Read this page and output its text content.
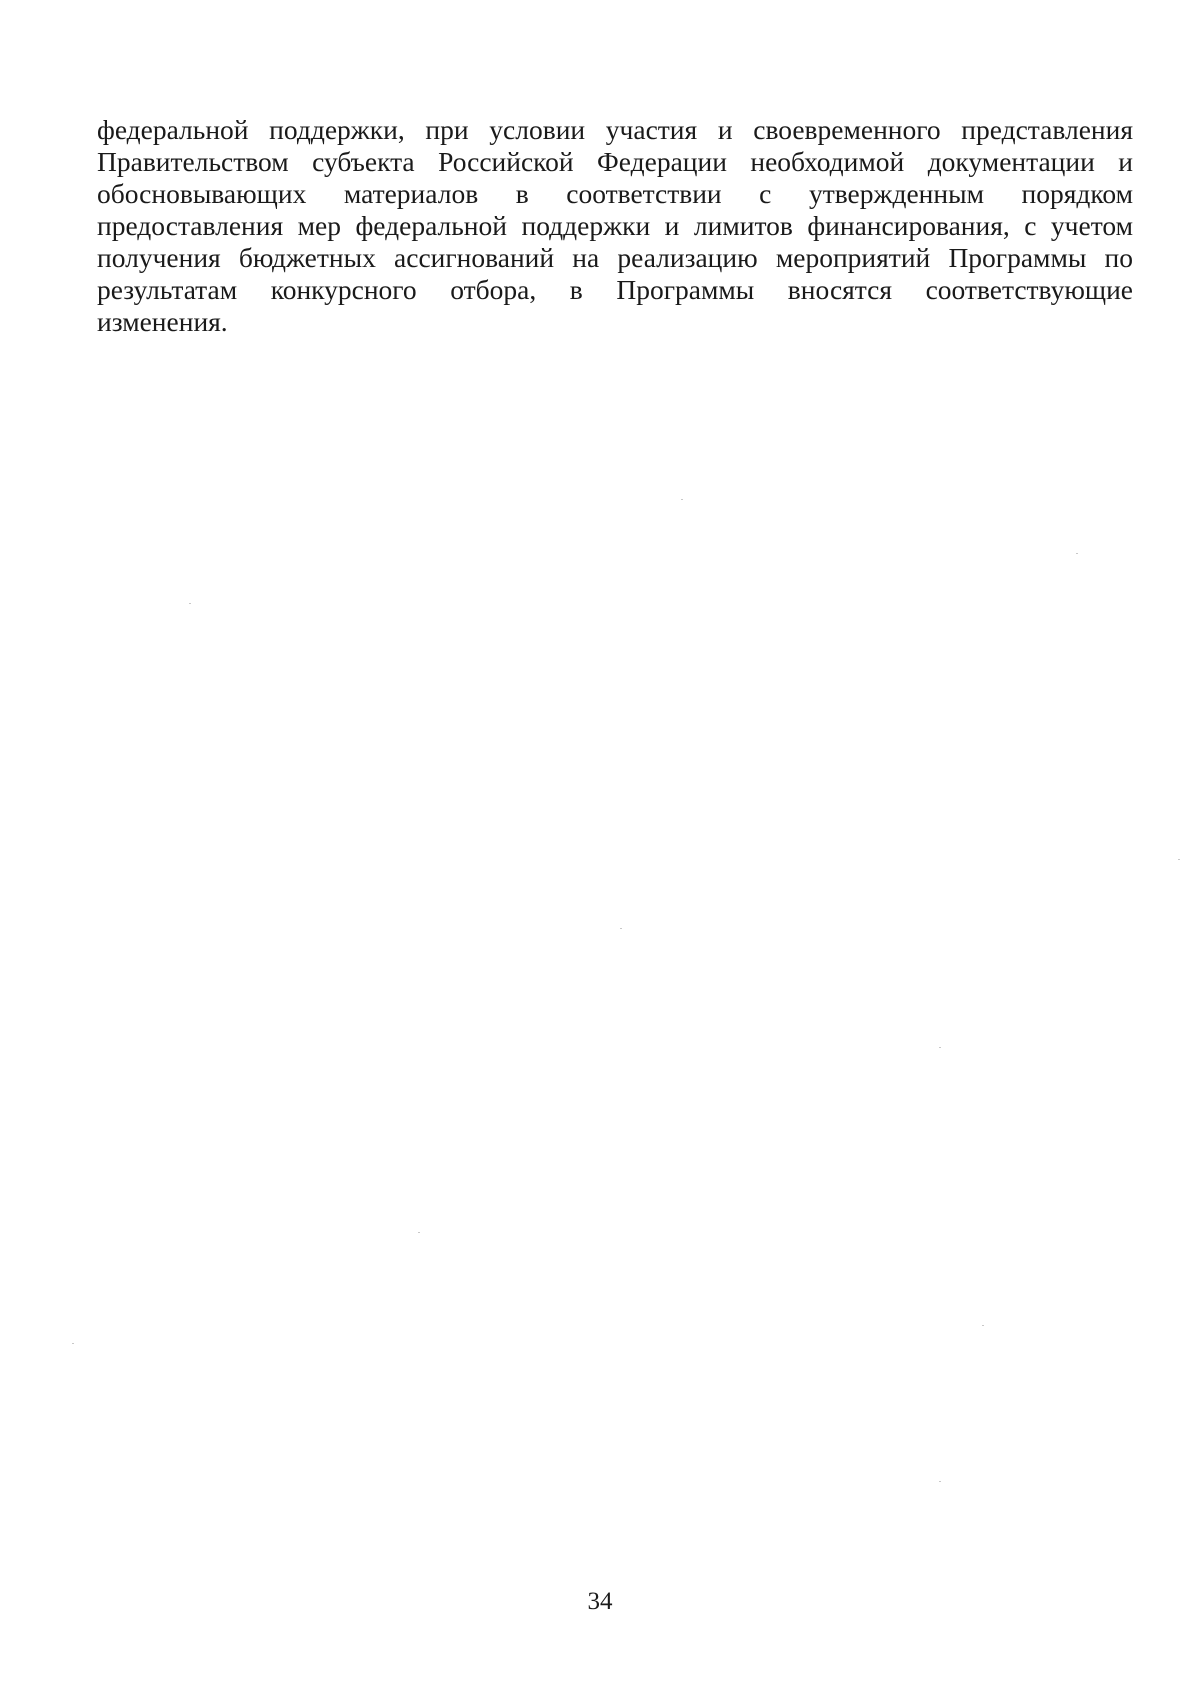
федеральной поддержки, при условии участия и своевременного представления
Правительством субъекта Российской Федерации необходимой документации и
обосновывающих материалов в соответствии с утвержденным порядком
предоставления мер федеральной поддержки и лимитов финансирования, с учетом
получения бюджетных ассигнований на реализацию мероприятий Программы по
результатам конкурсного отбора, в Программы вносятся соответствующие
изменения.
34
